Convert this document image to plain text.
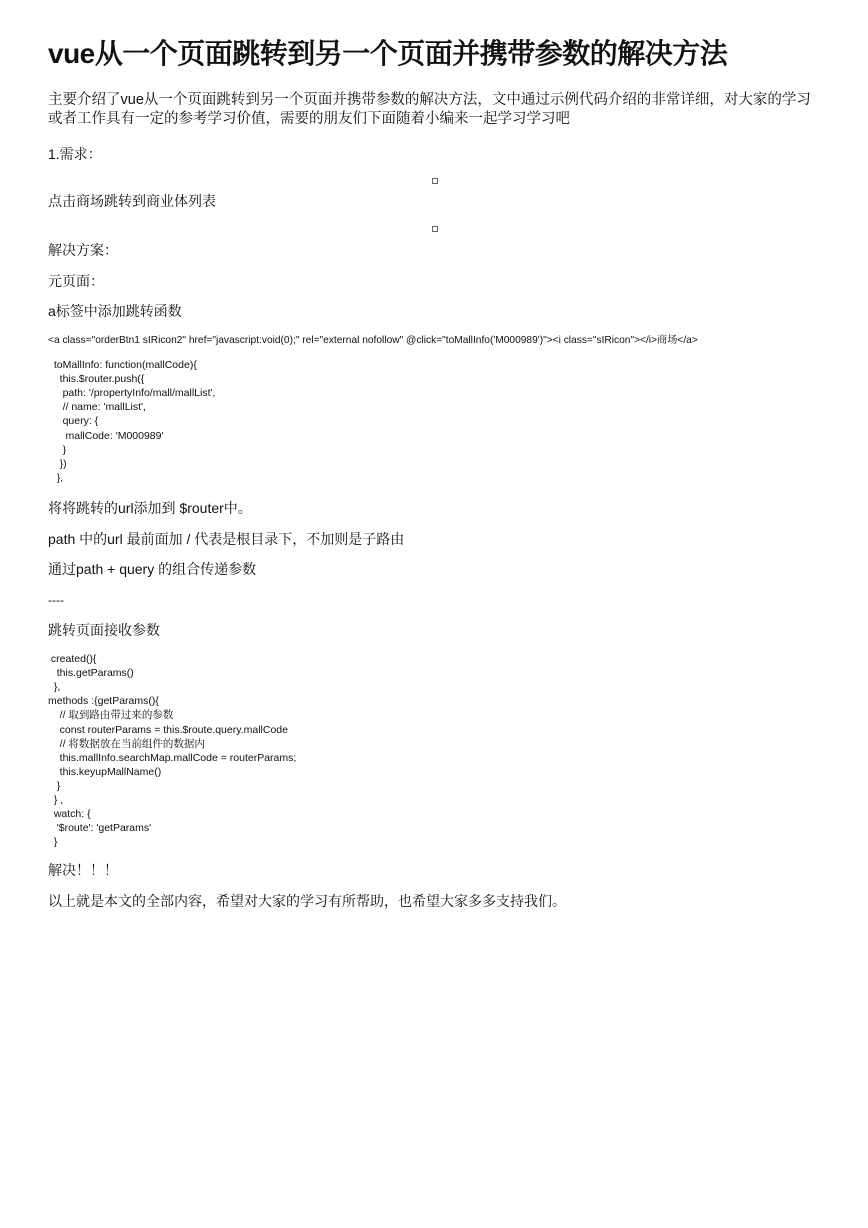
vue从一个页面跳转到另一个页面并携带参数的解决方法

主要介绍了vue从一个页面跳转到另一个页面并携带参数的解决方法，文中通过示例代码介绍的非常详细，对大家的学习或者工作具有一定的参考学习价值，需要的朋友们下面随着小编来一起学习学习吧

1.需求：

点击商场跳转到商业体列表

解决方案：

元页面：

a标签中添加跳转函数

<a class="orderBtn1 sIRicon2" href="javascript:void(0);" rel="external nofollow" @click="toMallInfo('M000989')"><i class="sIRicon"></i>商场</a>

toMallInfo: function(mallCode){

this.$router.push({

path: '/propertyInfo/mall/mallList',

// name: 'mallList',

query: {

mallCode: 'M000989'

}

})

},

将将跳转的url添加到 $router中。

path 中的url 最前面加 / 代表是根目录下，不加则是子路由

通过path + query 的组合传递参数

----

跳转页面接收参数

created(){

this.getParams()

},

methods :{getParams(){

// 取到路由带过来的参数

const routerParams = this.$route.query.mallCode

// 将数据放在当前组件的数据内

this.mallInfo.searchMap.mallCode = routerParams;

this.keyupMallName()

}

} ,

watch: {

'$route': 'getParams'

}

解决！！！

以上就是本文的全部内容，希望对大家的学习有所帮助，也希望大家多多支持我们。
